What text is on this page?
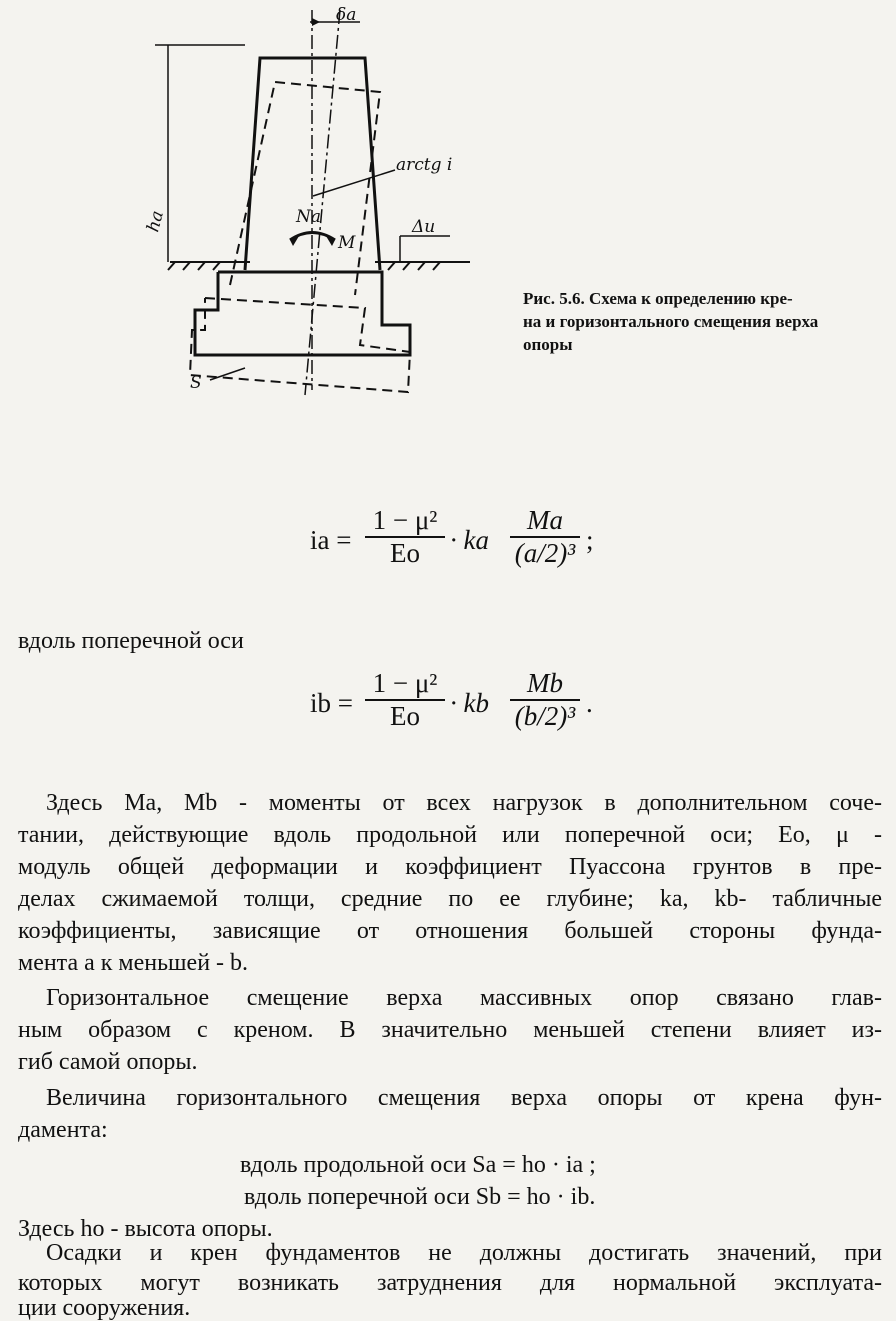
δa
arctg i
Na
M
ha	Δu
S
Рис. 5.6. Схема к определению кре-
на и горизонтального смещения верха
опоры
ia =
1 − μ²
Eo	· ka
Ma
(a/2)³ ;
вдоль поперечной оси
ib =
1 − μ²
Eo	· kb
Mb
(b/2)³ .
Здесь Ma, Mb - моменты от всех нагрузок в дополнительном соче-
тании, действующие вдоль продольной или поперечной оси; Eo, μ -
модуль общей деформации и коэффициент Пуассона грунтов в пре-
делах сжимаемой толщи, средние по ее глубине; ka, kb- табличные
коэффициенты, зависящие от отношения большей стороны фунда-
мента a к меньшей - b.
Горизонтальное смещение верха массивных опор связано глав-
ным образом с креном. В значительно меньшей степени влияет из-
гиб самой опоры.
Величина горизонтального смещения верха опоры от крена фун-
дамента:
вдоль продольной оси Sa = ho · ia ;
вдоль поперечной оси Sb = ho · ib.
Здесь ho - высота опоры.
Осадки и крен фундаментов не должны достигать значений, при
которых могут возникать затруднения для нормальной эксплуата-
ции сооружения.
